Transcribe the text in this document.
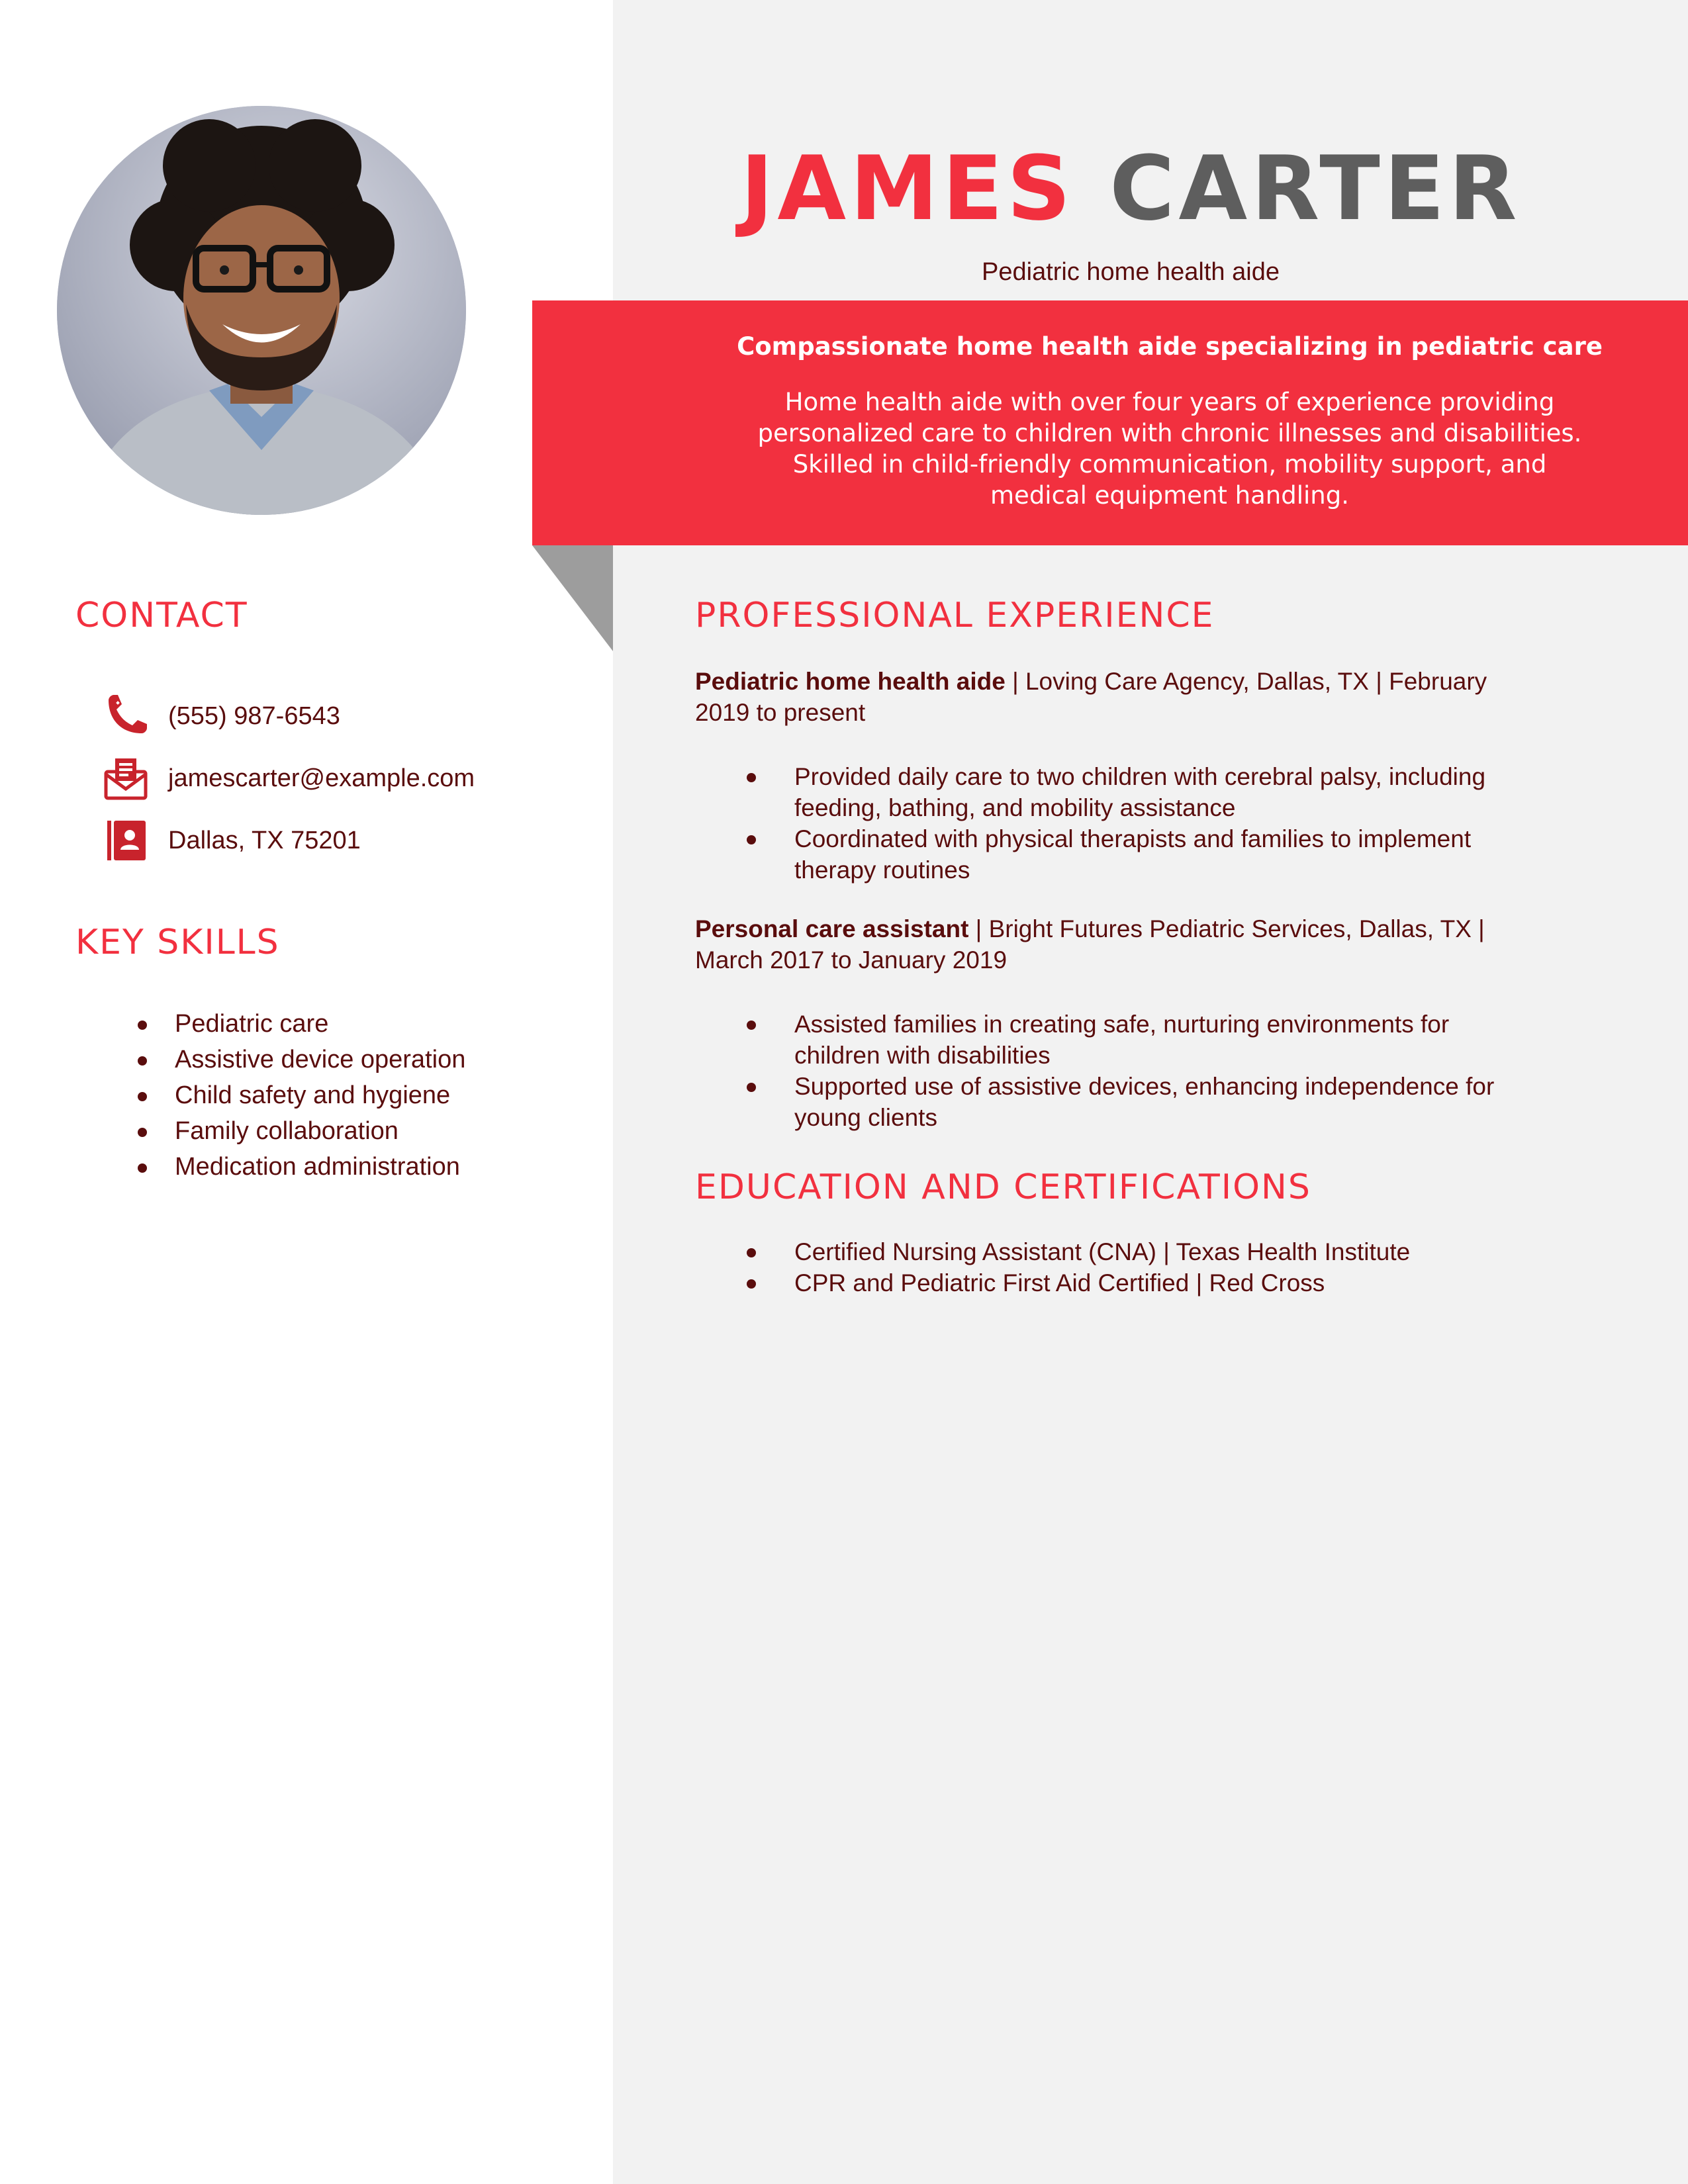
JAMES CARTER
Pediatric home health aide
Compassionate home health aide specializing in pediatric care
Home health aide with over four years of experience providing
personalized care to children with chronic illnesses and disabilities.
Skilled in child-friendly communication, mobility support, and
medical equipment handling.
CONTACT
(555) 987-6543
jamescarter@example.com
Dallas, TX 75201
KEY SKILLS
Pediatric care
Assistive device operation
Child safety and hygiene
Family collaboration
Medication administration
PROFESSIONAL EXPERIENCE
Pediatric home health aide | Loving Care Agency, Dallas, TX | February
2019 to present
Provided daily care to two children with cerebral palsy, including feeding, bathing, and mobility assistance
Coordinated with physical therapists and families to implement therapy routines
Personal care assistant | Bright Futures Pediatric Services, Dallas, TX |
March 2017 to January 2019
Assisted families in creating safe, nurturing environments for children with disabilities
Supported use of assistive devices, enhancing independence for young clients
EDUCATION AND CERTIFICATIONS
Certified Nursing Assistant (CNA) | Texas Health Institute
CPR and Pediatric First Aid Certified | Red Cross
